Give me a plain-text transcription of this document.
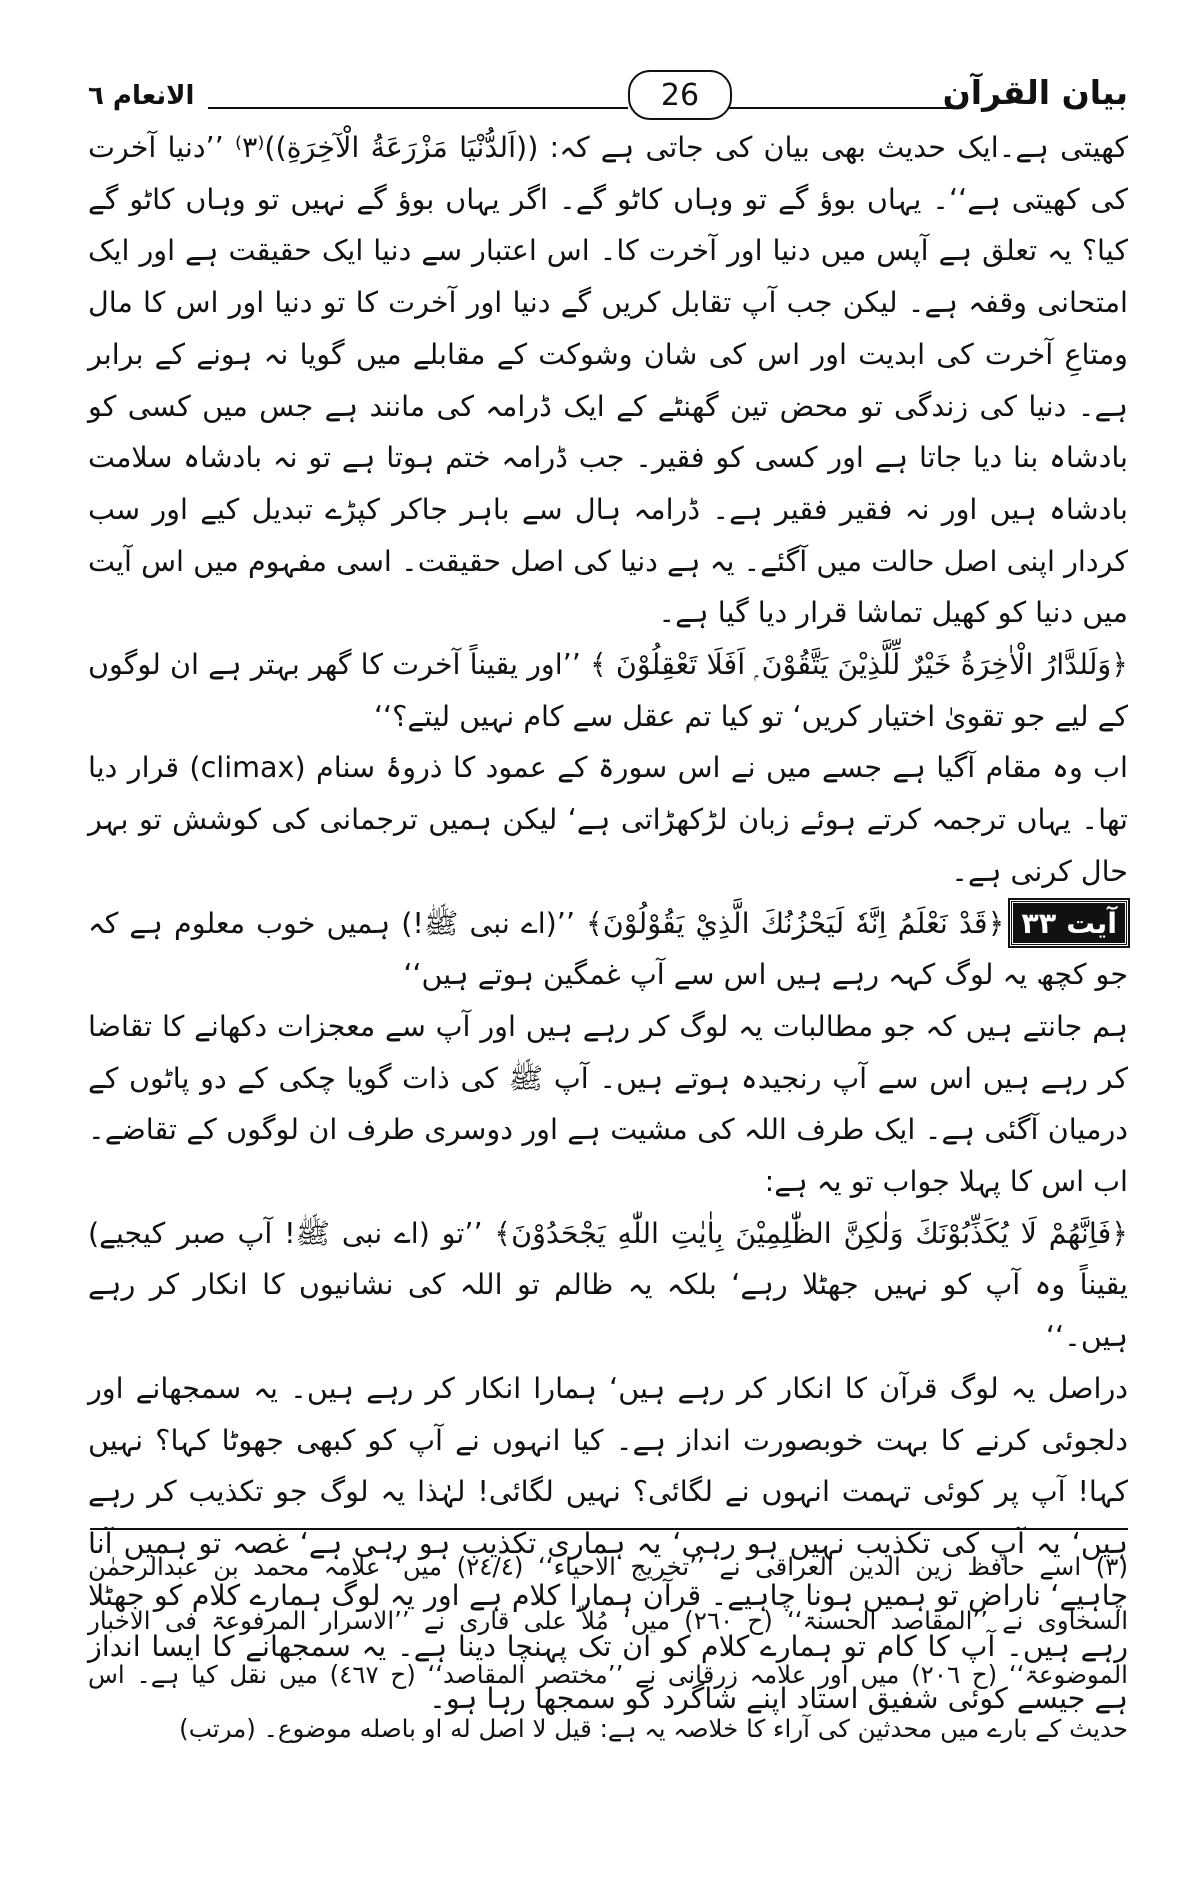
بیان القرآن
26
الانعام ٦

کھیتی ہے۔ایک حدیث بھی بیان کی جاتی ہے کہ: ((اَلدُّنْیَا مَزْرَعَةُ الْآخِرَةِ))⁽٣⁾ ’’دنیا آخرت کی کھیتی ہے‘‘۔ یہاں بوؤ گے تو وہاں کاٹو گے۔ اگر یہاں بوؤ گے نہیں تو وہاں کاٹو گے کیا؟ یہ تعلق ہے آپس میں دنیا اور آخرت کا۔ اس اعتبار سے دنیا ایک حقیقت ہے اور ایک امتحانی وقفہ ہے۔ لیکن جب آپ تقابل کریں گے دنیا اور آخرت کا تو دنیا اور اس کا مال ومتاعِ آخرت کی ابدیت اور اس کی شان وشوکت کے مقابلے میں گویا نہ ہونے کے برابر ہے۔ دنیا کی زندگی تو محض تین گھنٹے کے ایک ڈرامہ کی مانند ہے جس میں کسی کو بادشاہ بنا دیا جاتا ہے اور کسی کو فقیر۔ جب ڈرامہ ختم ہوتا ہے تو نہ بادشاہ سلامت بادشاہ ہیں اور نہ فقیر فقیر ہے۔ ڈرامہ ہال سے باہر جاکر کپڑے تبدیل کیے اور سب کردار اپنی اصل حالت میں آگئے۔ یہ ہے دنیا کی اصل حقیقت۔ اسی مفہوم میں اس آیت میں دنیا کو کھیل تماشا قرار دیا گیا ہے۔

﴿وَلَلدَّارُ الْاٰخِرَةُ خَيْرٌ لِّلَّذِيْنَ يَتَّقُوْنَ ۭ اَفَلَا تَعْقِلُوْنَ ﴾ ’’اور یقیناً آخرت کا گھر بہتر ہے ان لوگوں کے لیے جو تقویٰ اختیار کریں‘ تو کیا تم عقل سے کام نہیں لیتے؟‘‘

اب وہ مقام آگیا ہے جسے میں نے اس سورۃ کے عمود کا ذروۂ سنام (climax) قرار دیا تھا۔ یہاں ترجمہ کرتے ہوئے زبان لڑکھڑاتی ہے‘ لیکن ہمیں ترجمانی کی کوشش تو بہر حال کرنی ہے۔

آیت ٣٣﴿قَدْ نَعْلَمُ اِنَّهٗ لَيَحْزُنُكَ الَّذِيْ يَقُوْلُوْنَ﴾ ’’(اے نبی ﷺ!) ہمیں خوب معلوم ہے کہ جو کچھ یہ لوگ کہہ رہے ہیں اس سے آپ غمگین ہوتے ہیں‘‘

ہم جانتے ہیں کہ جو مطالبات یہ لوگ کر رہے ہیں اور آپ سے معجزات دکھانے کا تقاضا کر رہے ہیں اس سے آپ رنجیدہ ہوتے ہیں۔ آپ ﷺ کی ذات گویا چکی کے دو پاٹوں کے درمیان آگئی ہے۔ ایک طرف اللہ کی مشیت ہے اور دوسری طرف ان لوگوں کے تقاضے۔ اب اس کا پہلا جواب تو یہ ہے:

﴿فَاِنَّهُمْ لَا يُكَذِّبُوْنَكَ وَلٰكِنَّ الظّٰلِمِيْنَ بِاٰيٰتِ اللّٰهِ يَجْحَدُوْنَ﴾ ’’تو (اے نبی ﷺ! آپ صبر کیجیے) یقیناً وہ آپ کو نہیں جھٹلا رہے‘ بلکہ یہ ظالم تو اللہ کی نشانیوں کا انکار کر رہے ہیں۔‘‘

دراصل یہ لوگ قرآن کا انکار کر رہے ہیں‘ ہمارا انکار کر رہے ہیں۔ یہ سمجھانے اور دلجوئی کرنے کا بہت خوبصورت انداز ہے۔ کیا انہوں نے آپ کو کبھی جھوٹا کہا؟ نہیں کہا! آپ پر کوئی تہمت انہوں نے لگائی؟ نہیں لگائی! لہٰذا یہ لوگ جو تکذیب کر رہے ہیں‘ یہ آپ کی تکذیب نہیں ہو رہی‘ یہ ہماری تکذیب ہو رہی ہے‘ غصہ تو ہمیں آنا چاہیے‘ ناراض تو ہمیں ہونا چاہیے۔ قرآن ہمارا کلام ہے اور یہ لوگ ہمارے کلام کو جھٹلا رہے ہیں۔ آپ کا کام تو ہمارے کلام کو ان تک پہنچا دینا ہے۔ یہ سمجھانے کا ایسا انداز ہے جیسے کوئی شفیق استاد اپنے شاگرد کو سمجھا رہا ہو۔

(٣) اسے حافظ زین الدین العراقی نے ’’تخریج الاحیاء‘‘ (٢٤/٤) میں‘ علامہ محمد بن عبدالرحمٰن السخاوی نے ’’المقاصد الحسنۃ‘‘ (ح ٢٦٠) میں‘ مُلاّ علی قاری نے ’’الاسرار المرفوعۃ فی الاخبار الموضوعۃ‘‘ (ح ٢٠٦) میں اور علامہ زرقانی نے ’’مختصر المقاصد‘‘ (ح ٤٦٧) میں نقل کیا ہے۔ اس حدیث کے بارے میں محدثین کی آراء کا خلاصہ یہ ہے: قیل لا اصل له او باصله موضوع۔ (مرتب)
